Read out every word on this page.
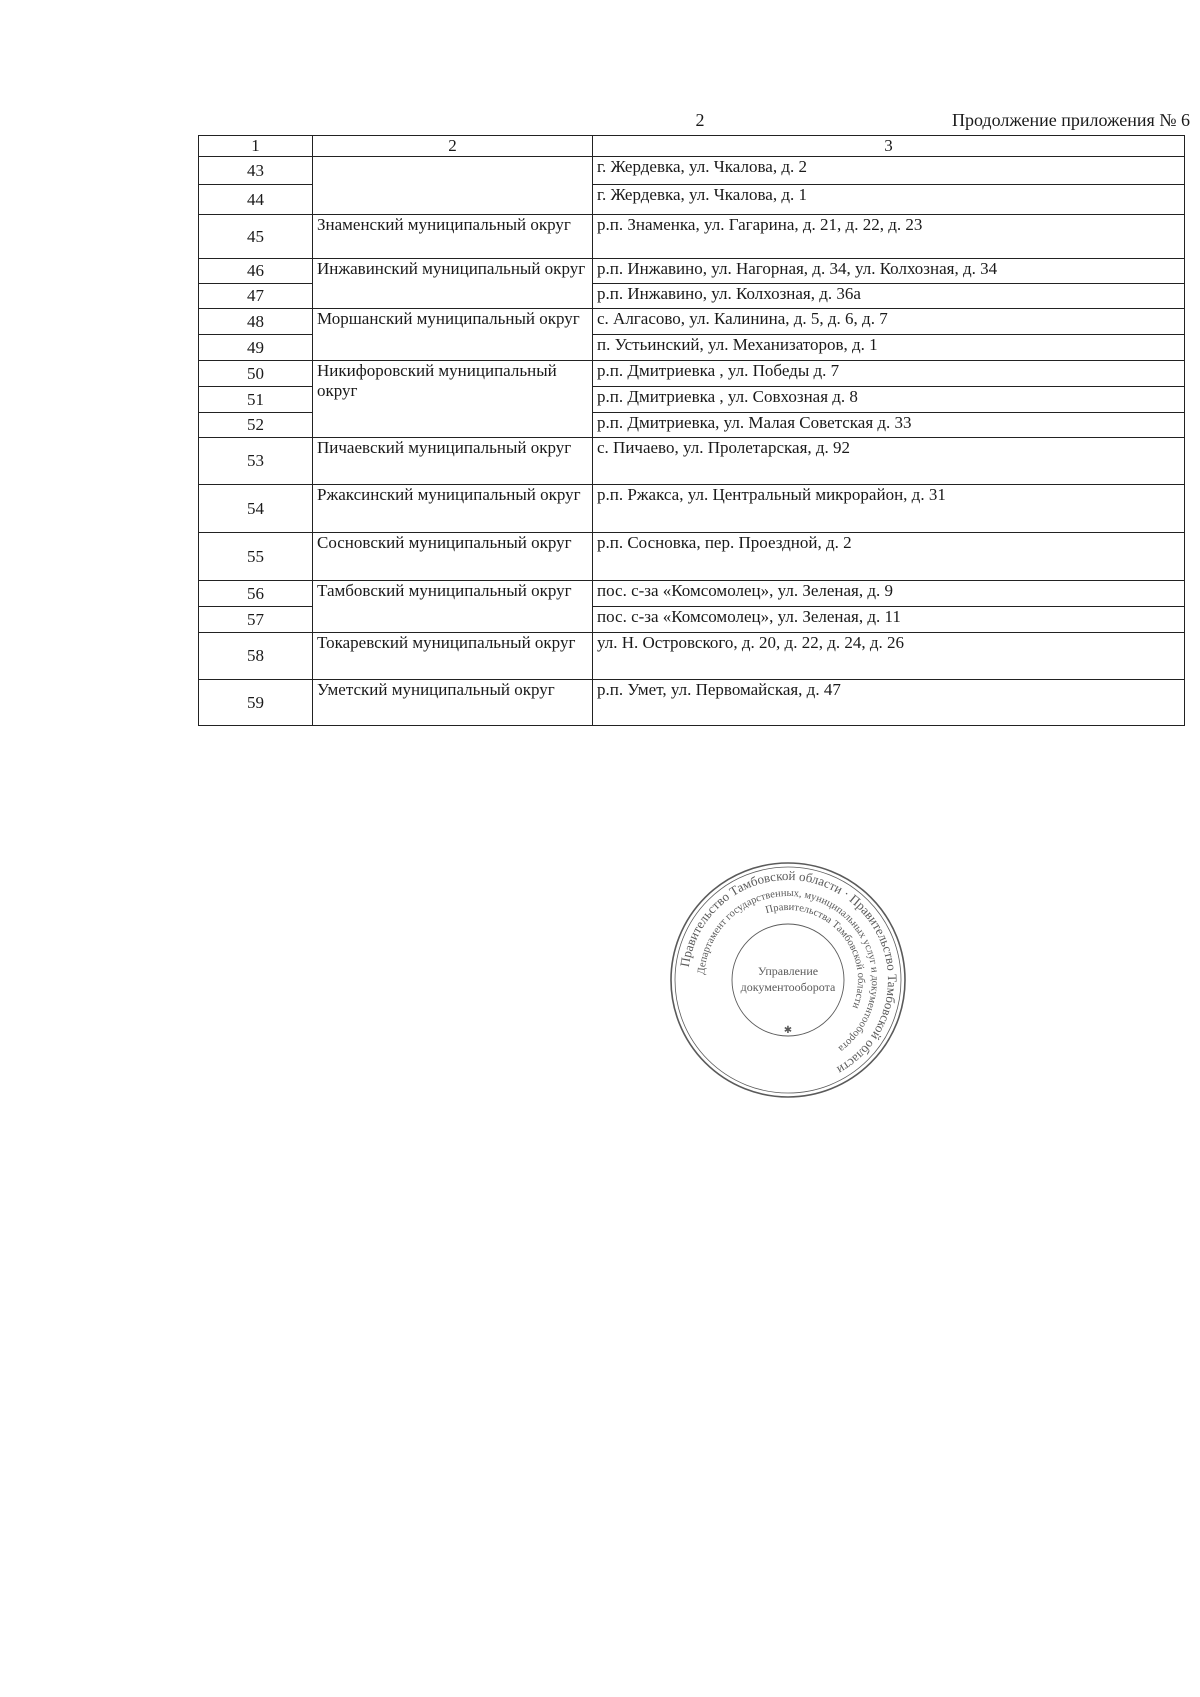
2	Продолжение приложения № 6
1	2	3
43		г. Жердевка, ул. Чкалова, д. 2
44		г. Жердевка, ул. Чкалова, д. 1
45	Знаменский муниципальный округ	р.п. Знаменка, ул. Гагарина, д. 21, д. 22, д. 23
46	Инжавинский муниципальный округ	р.п. Инжавино, ул. Нагорная, д. 34, ул. Колхозная, д. 34
47		р.п. Инжавино, ул. Колхозная, д. 36а
48	Моршанский муниципальный округ	с. Алгасово, ул. Калинина, д. 5, д. 6, д. 7
49		п. Устьинский, ул. Механизаторов, д. 1
50	Никифоровский муниципальный округ	р.п. Дмитриевка , ул. Победы д. 7
51		р.п. Дмитриевка , ул. Совхозная д. 8
52		р.п. Дмитриевка, ул. Малая Советская д. 33
53	Пичаевский муниципальный округ	с. Пичаево, ул. Пролетарская, д. 92
54	Ржаксинский муниципальный округ	р.п. Ржакса, ул. Центральный микрорайон, д. 31
55	Сосновский муниципальный округ	р.п. Сосновка, пер. Проездной, д. 2
56	Тамбовский муниципальный округ	пос. с-за «Комсомолец», ул. Зеленая, д. 9
57		пос. с-за «Комсомолец», ул. Зеленая, д. 11
58	Токаревский муниципальный округ	ул. Н. Островского, д. 20, д. 22, д. 24, д. 26
59	Уметский муниципальный округ	р.п. Умет, ул. Первомайская, д. 47
Правительство Тамбовской области · Правительство Тамбовской области
Департамент государственных, муниципальных услуг и документооборота
Правительства Тамбовской области
Управление
документооборота
✱
